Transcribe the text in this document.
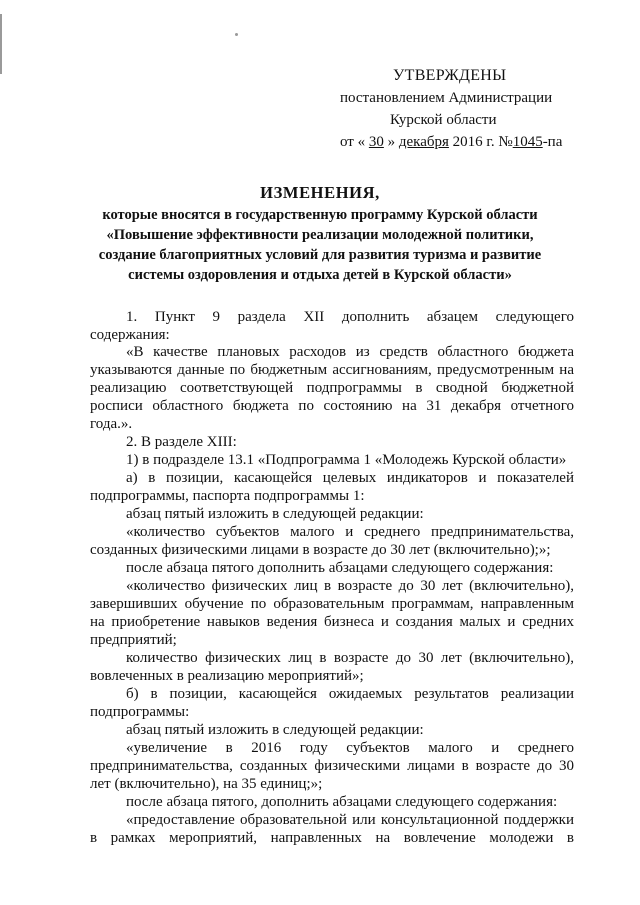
УТВЕРЖДЕНЫ
постановлением Администрации
Курской области
от « 30 » декабря 2016 г. №1045-па
ИЗМЕНЕНИЯ,
которые вносятся в государственную программу Курской области
«Повышение эффективности реализации молодежной политики,
создание благоприятных условий для развития туризма и развитие
системы оздоровления и отдыха детей в Курской области»
1. Пункт 9 раздела XII дополнить абзацем следующего
содержания:
«В качестве плановых расходов из средств областного бюджета
указываются данные по бюджетным ассигнованиям, предусмотренным на
реализацию соответствующей подпрограммы в сводной бюджетной
росписи областного бюджета по состоянию на 31 декабря отчетного
года.».
2. В разделе XIII:
1) в подразделе 13.1 «Подпрограмма 1 «Молодежь Курской области»
а) в позиции, касающейся целевых индикаторов и показателей
подпрограммы, паспорта подпрограммы 1:
абзац пятый изложить в следующей редакции:
«количество субъектов малого и среднего предпринимательства,
созданных физическими лицами в возрасте до 30 лет (включительно);»;
после абзаца пятого дополнить абзацами следующего содержания:
«количество физических лиц в возрасте до 30 лет (включительно),
завершивших обучение по образовательным программам, направленным
на приобретение навыков ведения бизнеса и создания малых и средних
предприятий;
количество физических лиц в возрасте до 30 лет (включительно),
вовлеченных в реализацию мероприятий»;
б) в позиции, касающейся ожидаемых результатов реализации
подпрограммы:
абзац пятый изложить в следующей редакции:
«увеличение в 2016 году субъектов малого и среднего
предпринимательства, созданных физическими лицами в возрасте до 30
лет (включительно), на 35 единиц;»;
после абзаца пятого, дополнить абзацами следующего содержания:
«предоставление образовательной или консультационной поддержки
в рамках мероприятий, направленных на вовлечение молодежи в
